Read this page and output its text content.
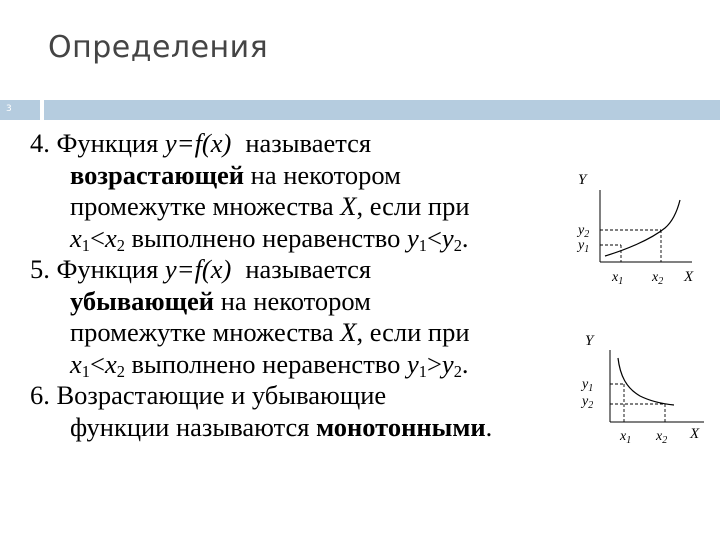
Определения
3
4. Функция y=f(x) называется
возрастающей на некотором
промежутке множества X, если при
$x_1<x_2$ выполнено неравенство $y_1<y_2$.
5. Функция y=f(x) называется
убывающей на некотором
промежутке множества X, если при
$x_1<x_2$ выполнено неравенство $y_1>y_2$.
6. Возрастающие и убывающие
функции называются монотонными.
Y
X
$y_2$
$y_1$
$x_1$ $x_2$
Y
X
$y_1$
$y_2$
$x_1$ $x_2$
